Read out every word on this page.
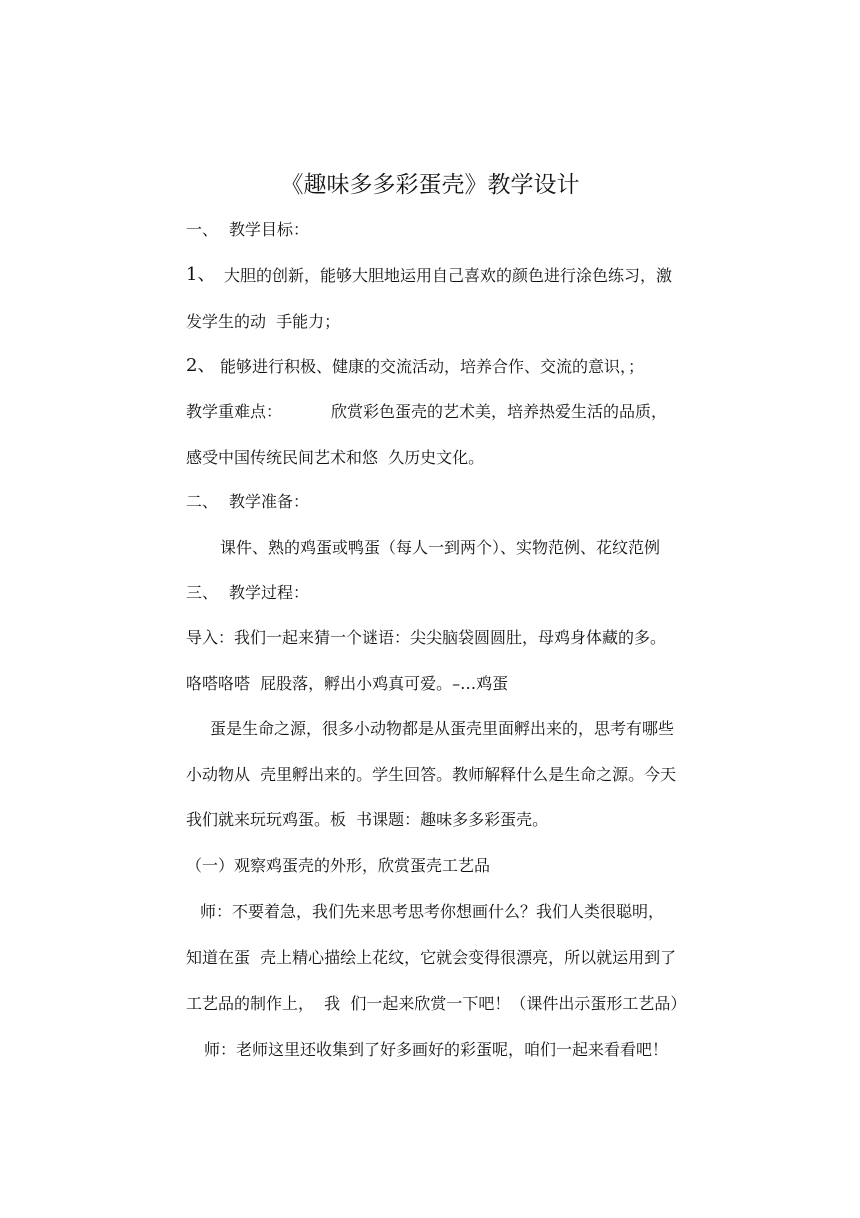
《趣味多多彩蛋壳》教学设计
一、 教学目标：
1、 大胆的创新，能够大胆地运用自己喜欢的颜色进行涂色练习，激
发学生的动  手能力；
2、 能够进行积极、健康的交流活动，培养合作、交流的意识，；
教学重难点：	欣赏彩色蛋壳的艺术美，培养热爱生活的品质，
感受中国传统民间艺术和悠  久历史文化。
二、 教学准备：
课件、熟的鸡蛋或鸭蛋（每人一到两个）、实物范例、花纹范例
三、 教学过程：
导入：我们一起来猜一个谜语：尖尖脑袋圆圆肚，母鸡身体藏的多。
咯嗒咯嗒  屁股落，孵出小鸡真可爱。–…鸡蛋
蛋是生命之源，很多小动物都是从蛋壳里面孵出来的，思考有哪些
小动物从  壳里孵出来的。学生回答。教师解释什么是生命之源。今天
我们就来玩玩鸡蛋。板  书课题：趣味多多彩蛋壳。
（一）观察鸡蛋壳的外形，欣赏蛋壳工艺品
师：不要着急，我们先来思考思考你想画什么？我们人类很聪明，
知道在蛋  壳上精心描绘上花纹，它就会变得很漂亮，所以就运用到了
工艺品的制作上，  我  们一起来欣赏一下吧！（课件出示蛋形工艺品）
师：老师这里还收集到了好多画好的彩蛋呢，咱们一起来看看吧！
